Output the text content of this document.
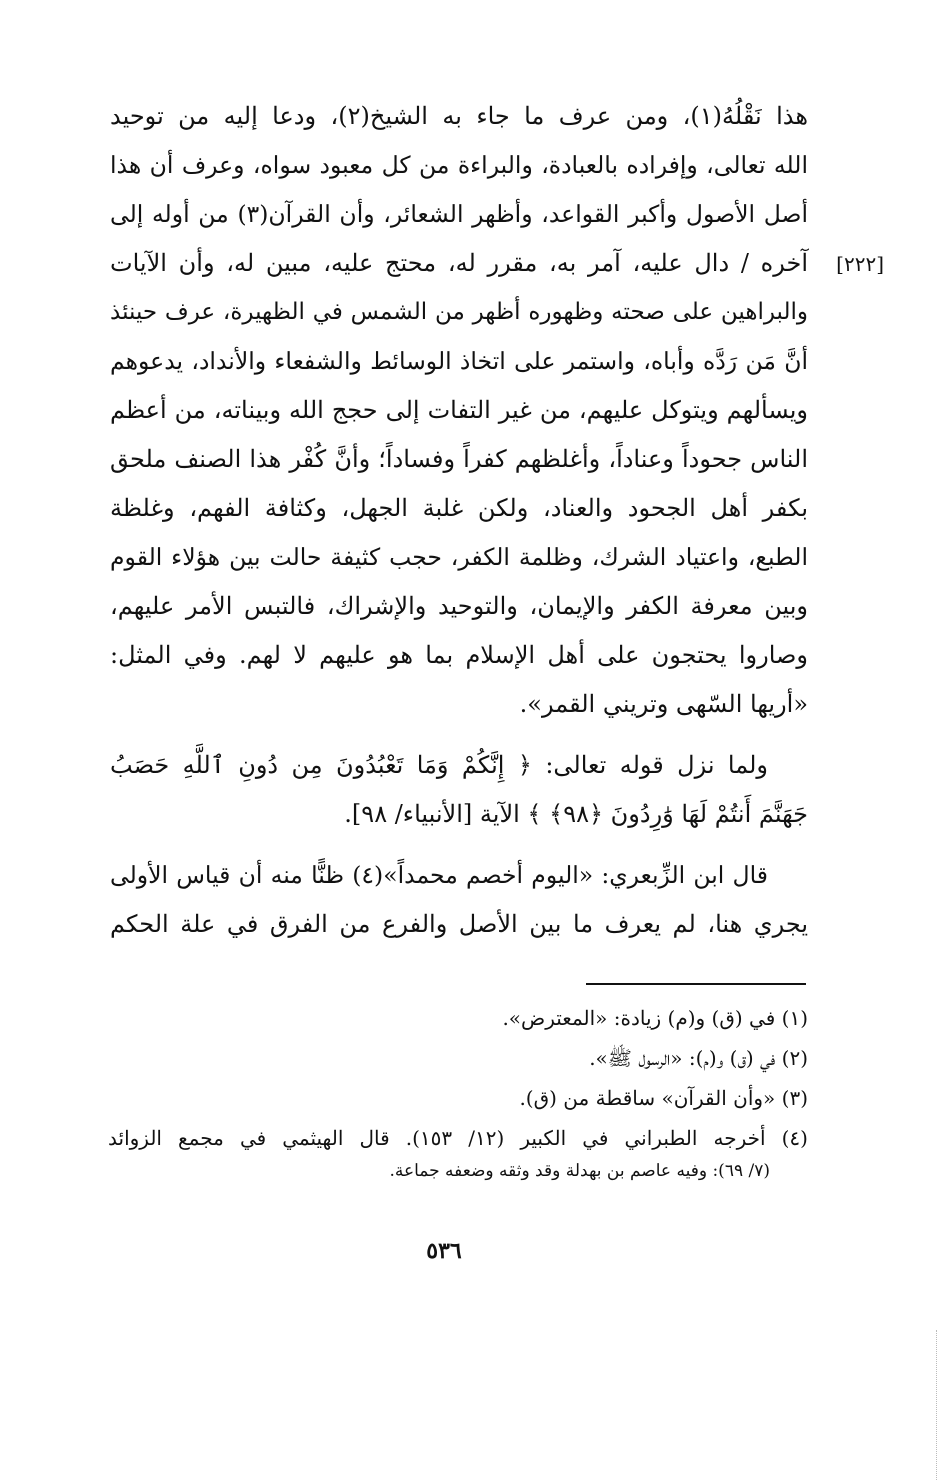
هذا نَقْلُهُ(١)، ومن عرف ما جاء به الشيخ(٢)، ودعا إليه من توحيد
الله تعالى، وإفراده بالعبادة، والبراءة من كل معبود سواه، وعرف أن هذا
أصل الأصول وأكبر القواعد، وأظهر الشعائر، وأن القرآن(٣) من أوله إلى
آخره / دال عليه، آمر به، مقرر له، محتج عليه، مبين له، وأن الآيات
والبراهين على صحته وظهوره أظهر من الشمس في الظهيرة، عرف حينئذ
أنَّ مَن رَدَّه وأباه، واستمر على اتخاذ الوسائط والشفعاء والأنداد، يدعوهم
ويسألهم ويتوكل عليهم، من غير التفات إلى حجج الله وبيناته، من أعظم
الناس جحوداً وعناداً، وأغلظهم كفراً وفساداً؛ وأنَّ كُفْر هذا الصنف ملحق
بكفر أهل الجحود والعناد، ولكن غلبة الجهل، وكثافة الفهم، وغلظة
الطبع، واعتياد الشرك، وظلمة الكفر، حجب كثيفة حالت بين هؤلاء القوم
وبين معرفة الكفر والإيمان، والتوحيد والإشراك، فالتبس الأمر عليهم،
وصاروا يحتجون على أهل الإسلام بما هو عليهم لا لهم. وفي المثل:
«أريها السّهى وتريني القمر».
ولما نزل قوله تعالى: ﴿ إِنَّكُمْ وَمَا تَعْبُدُونَ مِن دُونِ ٱللَّهِ حَصَبُ
جَهَنَّمَ أَنتُمْ لَهَا وَٰرِدُونَ ﴿٩٨﴾ ﴾ الآية [الأنبياء/ ٩٨].
قال ابن الزِّبعري: «اليوم أخصم محمداً»(٤) ظنًّا منه أن قياس الأولى
يجري هنا، لم يعرف ما بين الأصل والفرع من الفرق في علة الحكم
[٢٢٢]
(١) في (ق) و(م) زيادة: «المعترض».
(٢) في (ق) و(م): «الرسول ﷺ».
(٣) «وأن القرآن» ساقطة من (ق).
(٤) أخرجه الطبراني في الكبير (١٢/ ١٥٣). قال الهيثمي في مجمع الزوائد
(٧/ ٦٩): وفيه عاصم بن بهدلة وقد وثقه وضعفه جماعة.
٥٣٦
